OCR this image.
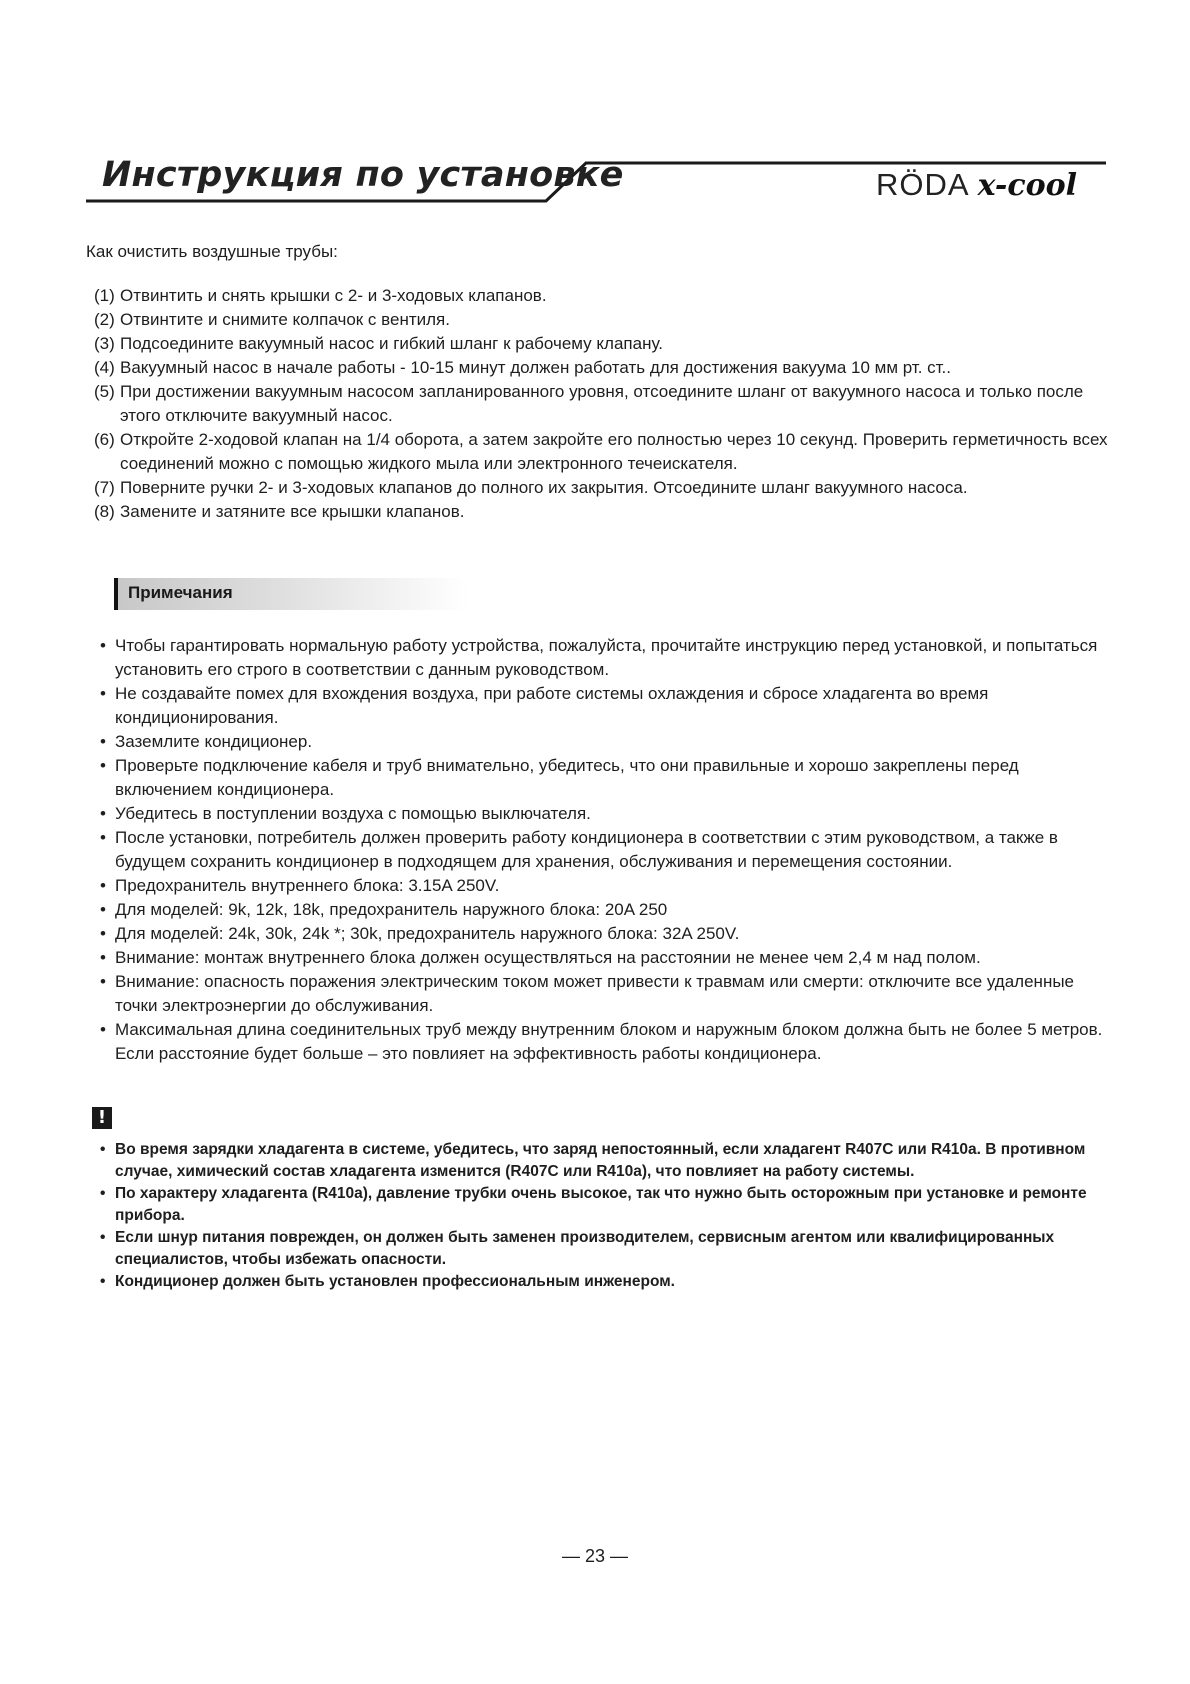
Инструкция по установке	RÖDA x-cool
Как очистить воздушные трубы:
(1) Отвинтить и снять крышки с 2- и 3-ходовых клапанов.
(2) Отвинтите и снимите колпачок с вентиля.
(3) Подсоедините вакуумный насос и гибкий шланг к рабочему клапану.
(4) Вакуумный насос в начале работы - 10-15 минут должен работать для достижения вакуума 10 мм рт. ст..
(5) При достижении вакуумным насосом запланированного уровня, отсоедините шланг от вакуумного насоса и только после этого отключите вакуумный насос.
(6) Откройте 2-ходовой клапан на 1/4 оборота, а затем закройте его полностью через 10 секунд. Проверить герметичность всех соединений можно с помощью жидкого мыла или электронного течеискателя.
(7) Поверните ручки 2- и 3-ходовых клапанов до полного их закрытия. Отсоедините шланг вакуумного насоса.
(8) Замените и затяните все крышки клапанов.
Примечания
• Чтобы гарантировать нормальную работу устройства, пожалуйста, прочитайте инструкцию перед установкой, и попытаться установить его строго в соответствии с данным руководством.
• Не создавайте помех для вхождения воздуха, при работе системы охлаждения и сбросе хладагента во время кондиционирования.
• Заземлите кондиционер.
• Проверьте подключение кабеля и труб внимательно, убедитесь, что они правильные и хорошо закреплены перед включением кондиционера.
• Убедитесь в поступлении воздуха с помощью выключателя.
• После установки, потребитель должен проверить работу кондиционера в соответствии с этим руководством, а также в будущем сохранить кондиционер в подходящем для хранения, обслуживания и перемещения состоянии.
• Предохранитель внутреннего блока: 3.15A 250V.
• Для моделей: 9k, 12k, 18k, предохранитель наружного блока: 20A 250
• Для моделей: 24k, 30k, 24k *; 30k, предохранитель наружного блока: 32A 250V.
• Внимание: монтаж внутреннего блока должен осуществляться на расстоянии не менее чем 2,4 м над полом.
• Внимание: опасность поражения электрическим током может привести к травмам или смерти: отключите все удаленные точки электроэнергии до обслуживания.
• Максимальная длина соединительных труб между внутренним блоком и наружным блоком должна быть не более 5 метров. Если расстояние будет больше – это повлияет на эффективность работы кондиционера.
!
• Во время зарядки хладагента в системе, убедитесь, что заряд непостоянный, если хладагент R407C или R410a. В противном случае, химический состав хладагента изменится (R407C или R410a), что повлияет на работу системы.
• По характеру хладагента (R410a), давление трубки очень высокое, так что нужно быть осторожным при установке и ремонте прибора.
• Если шнур питания поврежден, он должен быть заменен производителем, сервисным агентом или квалифицированных специалистов, чтобы избежать опасности.
• Кондиционер должен быть установлен профессиональным инженером.
— 23 —
